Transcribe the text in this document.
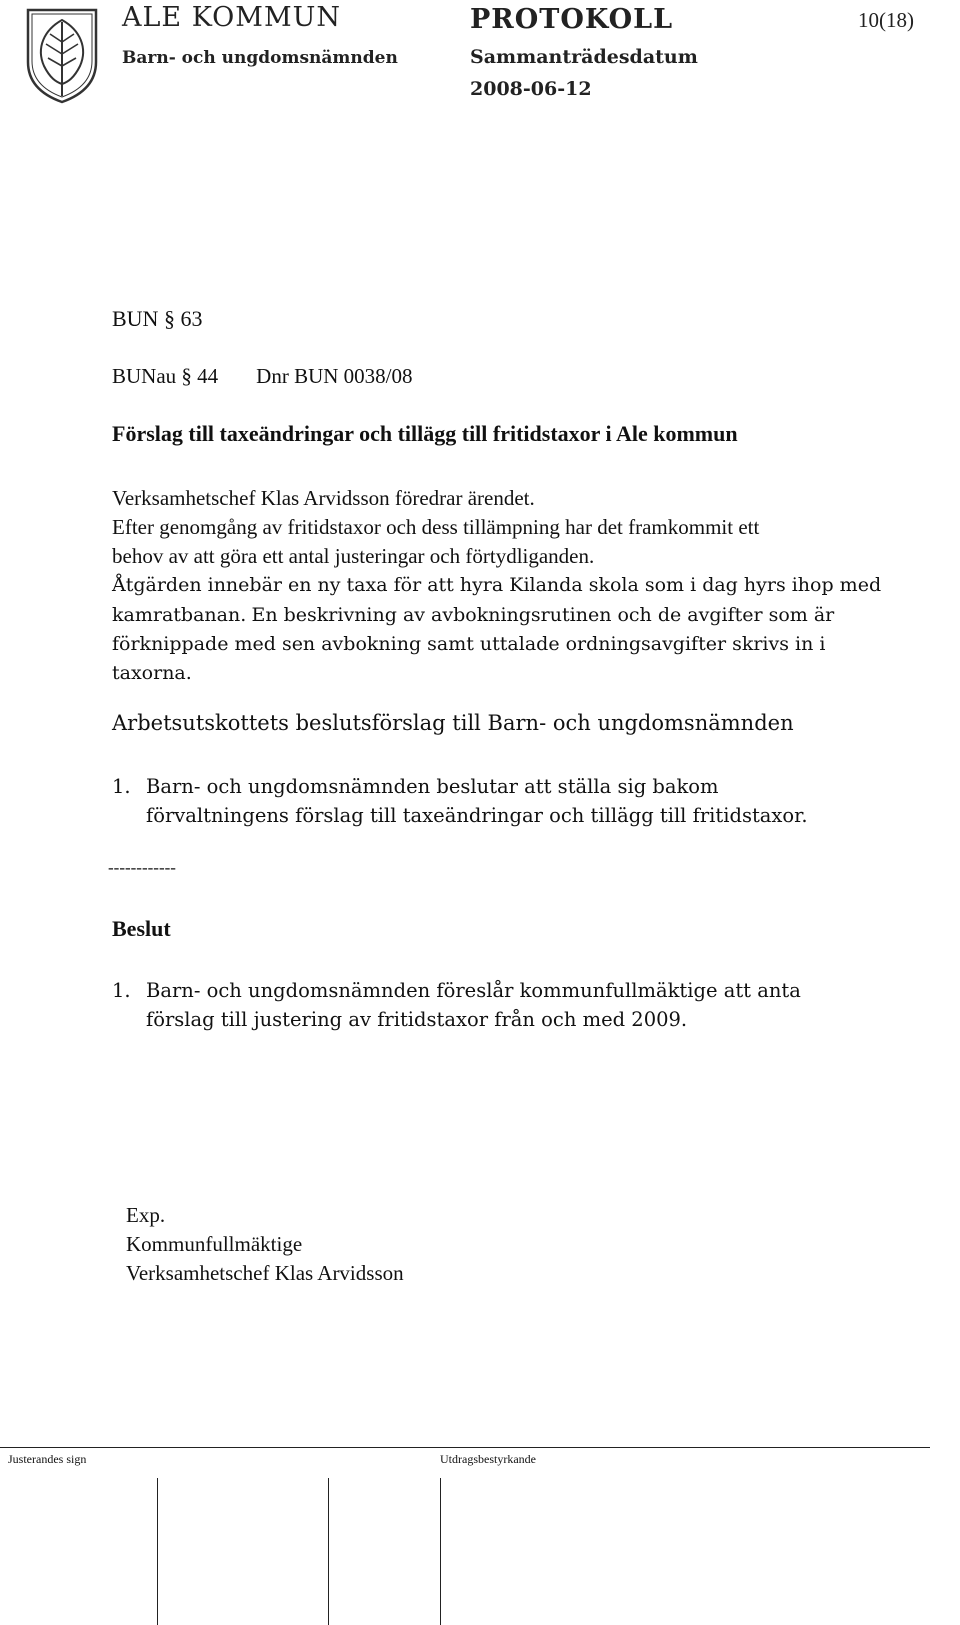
ALE KOMMUN
Barn- och ungdomsnämnden
PROTOKOLL
Sammanträdesdatum
2008-06-12
10(18)
BUN § 63
BUNau § 44 Dnr BUN 0038/08
Förslag till taxeändringar och tillägg till fritidstaxor i Ale kommun
Verksamhetschef Klas Arvidsson föredrar ärendet.
Efter genomgång av fritidstaxor och dess tillämpning har det framkommit ett
behov av att göra ett antal justeringar och förtydliganden.
Åtgärden innebär en ny taxa för att hyra Kilanda skola som i dag hyrs ihop med
kamratbanan. En beskrivning av avbokningsrutinen och de avgifter som är
förknippade med sen avbokning samt uttalade ordningsavgifter skrivs in i
taxorna.
Arbetsutskottets beslutsförslag till Barn- och ungdomsnämnden
1. Barn- och ungdomsnämnden beslutar att ställa sig bakom
förvaltningens förslag till taxeändringar och tillägg till fritidstaxor.
------------
Beslut
1. Barn- och ungdomsnämnden föreslår kommunfullmäktige att anta
förslag till justering av fritidstaxor från och med 2009.
Exp.
Kommunfullmäktige
Verksamhetschef Klas Arvidsson
Justerandes sign	Utdragsbestyrkande
